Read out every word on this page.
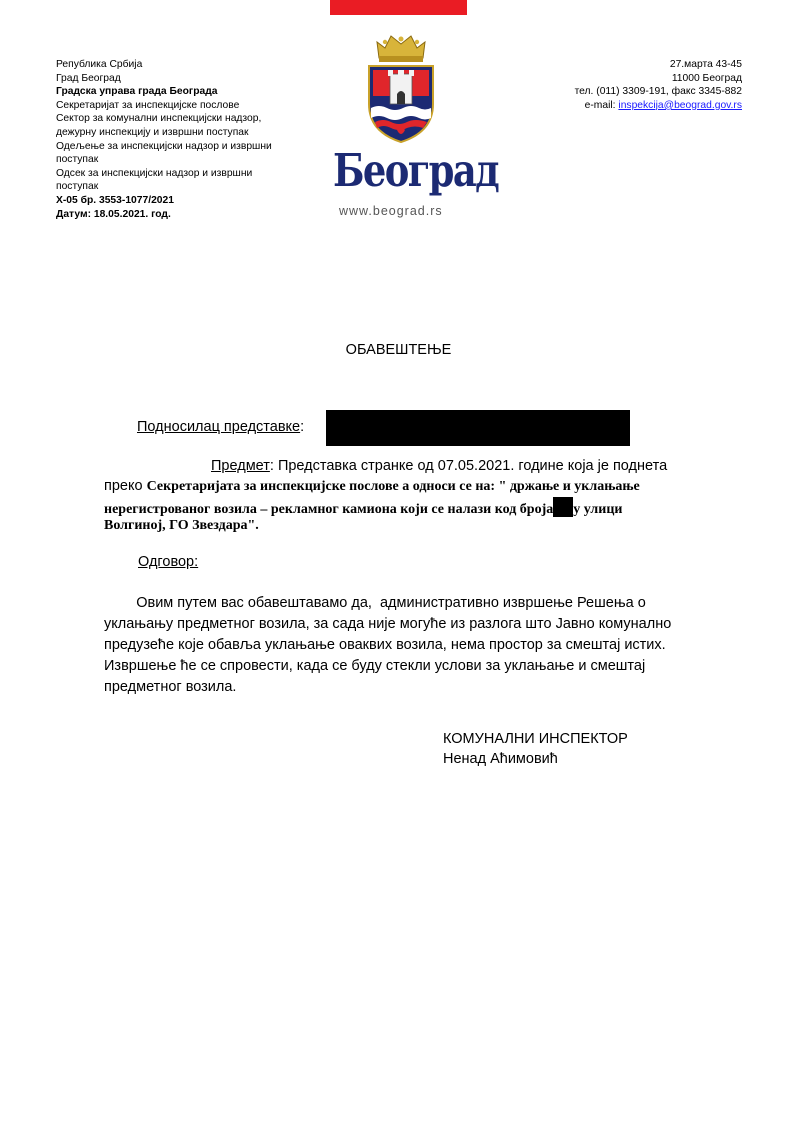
Република Србија
Град Београд
Градска управа града Београда
Секретаријат за инспекцијске послове
Сектор за комунални инспекцијски надзор,
дежурну инспекцију и извршни поступак
Одељење за инспекцијски надзор и извршни
поступак
Одсек за инспекцијски надзор и извршни
поступак
Х-05 бр. 3553-1077/2021
Датум: 18.05.2021. год.
27.марта 43-45
11000 Београд
тел. (011) 3309-191, факс 3345-882
e-mail: inspekcija@beograd.gov.rs
Београд
www.beograd.rs
ОБАВЕШТЕЊЕ
Подносилац представке:
Предмет: Представка странке од 07.05.2021. године која је поднета
преко Секретаријата за инспекцијске послове а односи се на: " држање и уклањање
нерегистрованог возила – рекламног камиона који се налази код броја у улици
Волгиној, ГО Звездара".
Одговор:
Овим путем вас обавештавамо да,  административно извршење Решења о
уклањању предметног возила, за сада није могуће из разлога што Јавно комунално
предузеће које обавља уклањање оваквих возила, нема простор за смештај истих.
Извршење ће се спровести, када се буду стекли услови за уклањање и смештај
предметног возила.
КОМУНАЛНИ ИНСПЕКТОР
Ненад Аћимовић
